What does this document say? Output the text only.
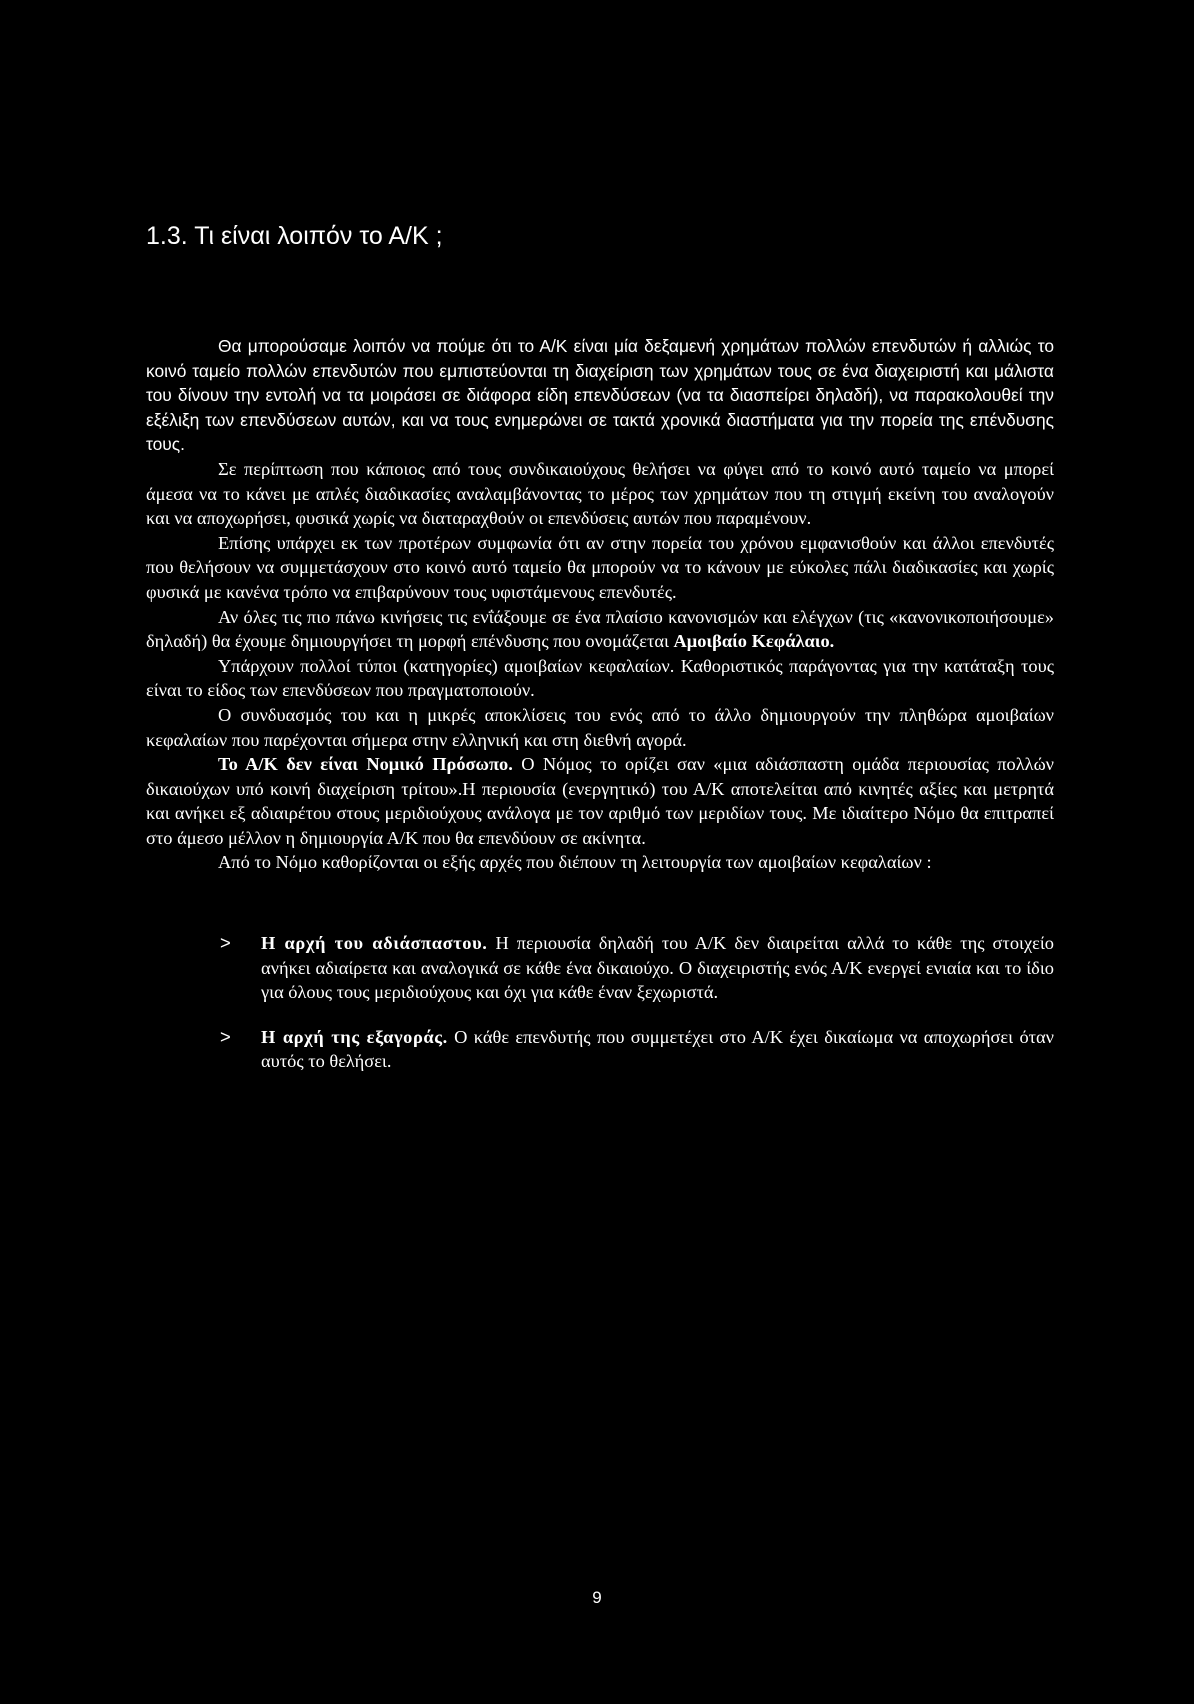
1.3. Τι είναι λοιπόν το Α/Κ ;

Θα μπορούσαμε λοιπόν να πούμε ότι το Α/Κ είναι μία δεξαμενή χρημάτων πολλών επενδυτών ή αλλιώς το κοινό ταμείο πολλών επενδυτών που εμπιστεύονται τη διαχείριση των χρημάτων τους σε ένα διαχειριστή και μάλιστα του δίνουν την εντολή να τα μοιράσει σε διάφορα είδη επενδύσεων (να τα διασπείρει δηλαδή), να παρακολουθεί την εξέλιξη των επενδύσεων αυτών, και να τους ενημερώνει σε τακτά χρονικά διαστήματα για την πορεία της επένδυσης τους.

Σε περίπτωση που κάποιος από τους συνδικαιούχους θελήσει να φύγει από το κοινό αυτό ταμείο να μπορεί άμεσα να το κάνει με απλές διαδικασίες αναλαμβάνοντας το μέρος των χρημάτων που τη στιγμή εκείνη του αναλογούν και να αποχωρήσει, φυσικά χωρίς να διαταραχθούν οι επενδύσεις αυτών που παραμένουν.

Επίσης υπάρχει εκ των προτέρων συμφωνία ότι αν στην πορεία του χρόνου εμφανισθούν και άλλοι επενδυτές που θελήσουν να συμμετάσχουν στο κοινό αυτό ταμείο θα μπορούν να το κάνουν με εύκολες πάλι διαδικασίες και χωρίς φυσικά με κανένα τρόπο να επιβαρύνουν τους υφιστάμενους επενδυτές.

Αν όλες τις πιο πάνω κινήσεις τις ενΐάξουμε σε ένα πλαίσιο κανονισμών και ελέγχων (τις «κανονικοποιήσουμε» δηλαδή) θα έχουμε δημιουργήσει τη μορφή επένδυσης που ονομάζεται Αμοιβαίο Κεφάλαιο.

Υπάρχουν πολλοί τύποι (κατηγορίες) αμοιβαίων κεφαλαίων. Καθοριστικός παράγοντας για την κατάταξη τους είναι το είδος των επενδύσεων που πραγματοποιούν.

Ο συνδυασμός του και η μικρές αποκλίσεις του ενός από το άλλο δημιουργούν την πληθώρα αμοιβαίων κεφαλαίων που παρέχονται σήμερα στην ελληνική και στη διεθνή αγορά.

Το Α/Κ δεν είναι Νομικό Πρόσωπο. Ο Νόμος το ορίζει σαν «μια αδιάσπαστη ομάδα περιουσίας πολλών δικαιούχων υπό κοινή διαχείριση τρίτου».Η περιουσία (ενεργητικό) του Α/Κ αποτελείται από κινητές αξίες και μετρητά και ανήκει εξ αδιαιρέτου στους μεριδιούχους ανάλογα με τον αριθμό των μεριδίων τους. Με ιδιαίτερο Νόμο θα επιτραπεί στο άμεσο μέλλον η δημιουργία Α/Κ που θα επενδύουν σε ακίνητα.

Από το Νόμο καθορίζονται οι εξής αρχές που διέπουν τη λειτουργία των αμοιβαίων κεφαλαίων :

> Η αρχή του αδιάσπαστου. Η περιουσία δηλαδή του Α/Κ δεν διαιρείται αλλά το κάθε της στοιχείο ανήκει αδιαίρετα και αναλογικά σε κάθε ένα δικαιούχο. Ο διαχειριστής ενός Α/Κ ενεργεί ενιαία και το ίδιο για όλους τους μεριδιούχους και όχι για κάθε έναν ξεχωριστά.
> Η αρχή της εξαγοράς. Ο κάθε επενδυτής που συμμετέχει στο Α/Κ έχει δικαίωμα να αποχωρήσει όταν αυτός το θελήσει.
9
